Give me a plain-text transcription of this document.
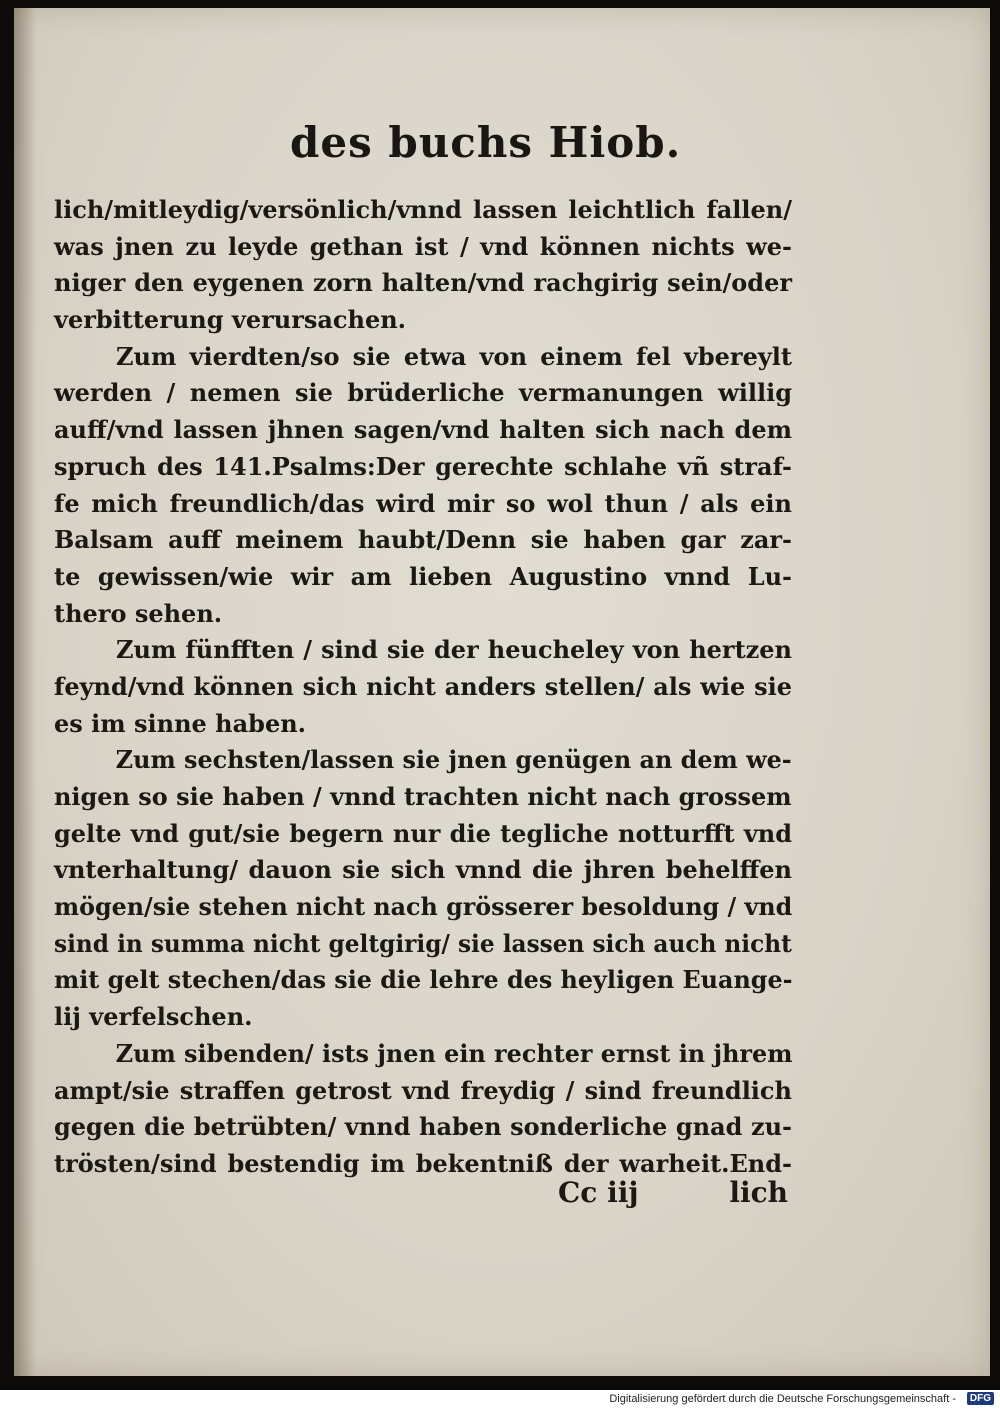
des buchs Hiob.
lich/mitleydig/versönlich/vnnd lassen leichtlich fallen/
was jnen zu leyde gethan ist / vnd können nichts we-
niger den eygenen zorn halten/vnd rachgirig sein/oder
verbitterung verursachen.
Zum vierdten/so sie etwa von einem fel vbereylt
werden / nemen sie brüderliche vermanungen willig
auff/vnd lassen jhnen sagen/vnd halten sich nach dem
spruch des 141.Psalms:Der gerechte schlahe vñ straf-
fe mich freundlich/das wird mir so wol thun / als ein
Balsam auff meinem haubt/Denn sie haben gar zar-
te gewissen/wie wir am lieben Augustino vnnd Lu-
thero sehen.
Zum fünfften / sind sie der heucheley von hertzen
feynd/vnd können sich nicht anders stellen/ als wie sie
es im sinne haben.
Zum sechsten/lassen sie jnen genügen an dem we-
nigen so sie haben / vnnd trachten nicht nach grossem
gelte vnd gut/sie begern nur die tegliche notturfft vnd
vnterhaltung/ dauon sie sich vnnd die jhren behelffen
mögen/sie stehen nicht nach grösserer besoldung / vnd
sind in summa nicht geltgirig/ sie lassen sich auch nicht
mit gelt stechen/das sie die lehre des heyligen Euange-
lij verfelschen.
Zum sibenden/ ists jnen ein rechter ernst in jhrem
ampt/sie straffen getrost vnd freydig / sind freundlich
gegen die betrübten/ vnnd haben sonderliche gnad zu-
trösten/sind bestendig im bekentniß der warheit.End-
Cc iij	lich
Digitalisierung gefördert durch die Deutsche Forschungsgemeinschaft -	DFG
